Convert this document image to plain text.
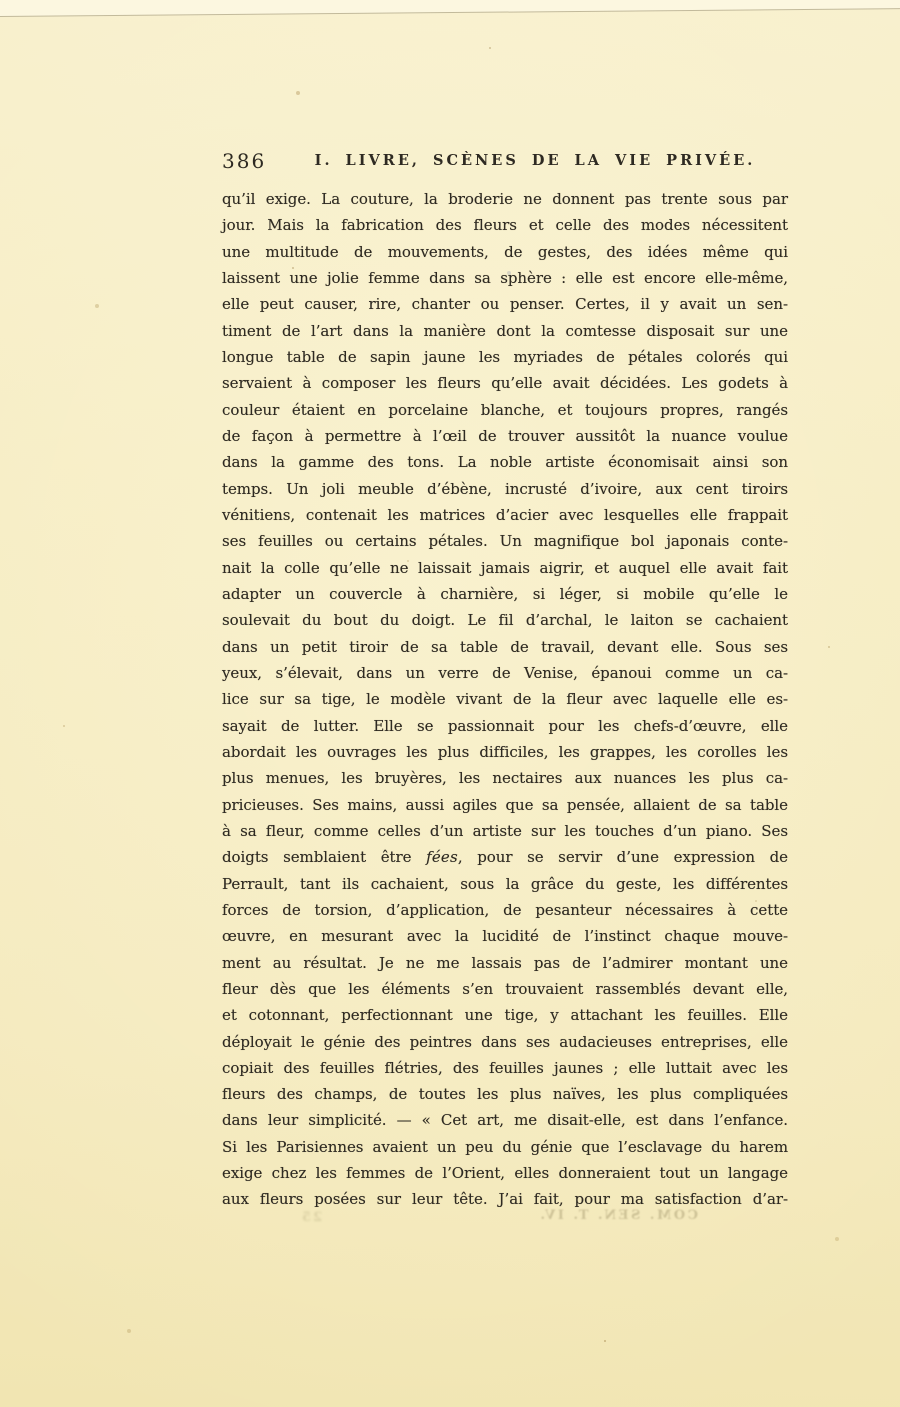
386	I. LIVRE, SCÈNES DE LA VIE PRIVÉE.
qu’il exige. La couture, la broderie ne donnent pas trente sous par
jour. Mais la fabrication des fleurs et celle des modes nécessitent
une multitude de mouvements, de gestes, des idées même qui
laissent une jolie femme dans sa sphère : elle est encore elle-même,
elle peut causer, rire, chanter ou penser. Certes, il y avait un sen-
timent de l’art dans la manière dont la comtesse disposait sur une
longue table de sapin jaune les myriades de pétales colorés qui
servaient à composer les fleurs qu’elle avait décidées. Les godets à
couleur étaient en porcelaine blanche, et toujours propres, rangés
de façon à permettre à l’œil de trouver aussitôt la nuance voulue
dans la gamme des tons. La noble artiste économisait ainsi son
temps. Un joli meuble d’ébène, incrusté d’ivoire, aux cent tiroirs
vénitiens, contenait les matrices d’acier avec lesquelles elle frappait
ses feuilles ou certains pétales. Un magnifique bol japonais conte-
nait la colle qu’elle ne laissait jamais aigrir, et auquel elle avait fait
adapter un couvercle à charnière, si léger, si mobile qu’elle le
soulevait du bout du doigt. Le fil d’archal, le laiton se cachaient
dans un petit tiroir de sa table de travail, devant elle. Sous ses
yeux, s’élevait, dans un verre de Venise, épanoui comme un ca-
lice sur sa tige, le modèle vivant de la fleur avec laquelle elle es-
sayait de lutter. Elle se passionnait pour les chefs-d’œuvre, elle
abordait les ouvrages les plus difficiles, les grappes, les corolles les
plus menues, les bruyères, les nectaires aux nuances les plus ca-
pricieuses. Ses mains, aussi agiles que sa pensée, allaient de sa table
à sa fleur, comme celles d’un artiste sur les touches d’un piano. Ses
doigts semblaient être fées, pour se servir d’une expression de
Perrault, tant ils cachaient, sous la grâce du geste, les différentes
forces de torsion, d’application, de pesanteur nécessaires à cette
œuvre, en mesurant avec la lucidité de l’instinct chaque mouve-
ment au résultat. Je ne me lassais pas de l’admirer montant une
fleur dès que les éléments s’en trouvaient rassemblés devant elle,
et cotonnant, perfectionnant une tige, y attachant les feuilles. Elle
déployait le génie des peintres dans ses audacieuses entreprises, elle
copiait des feuilles flétries, des feuilles jaunes ; elle luttait avec les
fleurs des champs, de toutes les plus naïves, les plus compliquées
dans leur simplicité. — « Cet art, me disait-elle, est dans l’enfance.
Si les Parisiennes avaient un peu du génie que l’esclavage du harem
exige chez les femmes de l’Orient, elles donneraient tout un langage
aux fleurs posées sur leur tête. J’ai fait, pour ma satisfaction d’ar-
COM. SEN. T. IV.
25
